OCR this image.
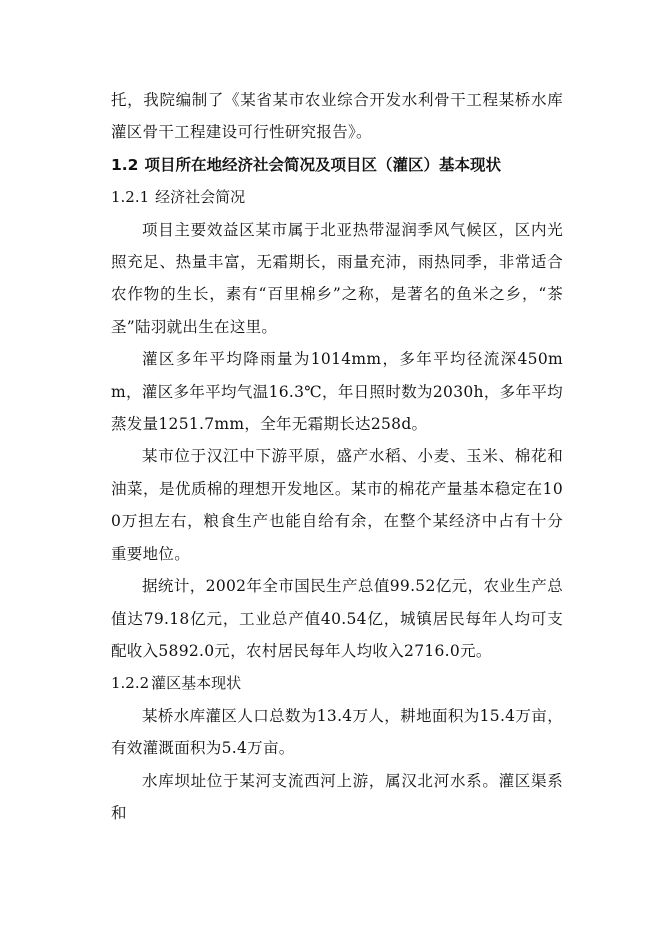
托，我院编制了《某省某市农业综合开发水利骨干工程某桥水库灌区骨干工程建设可行性研究报告》。

1.2 项目所在地经济社会简况及项目区（灌区）基本现状
1.2.1 经济社会简况

项目主要效益区某市属于北亚热带湿润季风气候区，区内光照充足、热量丰富，无霜期长，雨量充沛，雨热同季，非常适合农作物的生长，素有“百里棉乡”之称，是著名的鱼米之乡，“茶圣”陆羽就出生在这里。

灌区多年平均降雨量为1014mm，多年平均径流深450mm，灌区多年平均气温16.3℃，年日照时数为2030h，多年平均蒸发量1251.7mm，全年无霜期长达258d。

某市位于汉江中下游平原，盛产水稻、小麦、玉米、棉花和油菜，是优质棉的理想开发地区。某市的棉花产量基本稳定在100万担左右，粮食生产也能自给有余，在整个某经济中占有十分重要地位。

据统计，2002年全市国民生产总值99.52亿元，农业生产总值达79.18亿元，工业总产值40.54亿，城镇居民每年人均可支配收入5892.0元，农村居民每年人均收入2716.0元。

1.2.2 灌区基本现状

某桥水库灌区人口总数为13.4万人，耕地面积为15.4万亩，有效灌溉面积为5.4万亩。

水库坝址位于某河支流西河上游，属汉北河水系。灌区渠系和
